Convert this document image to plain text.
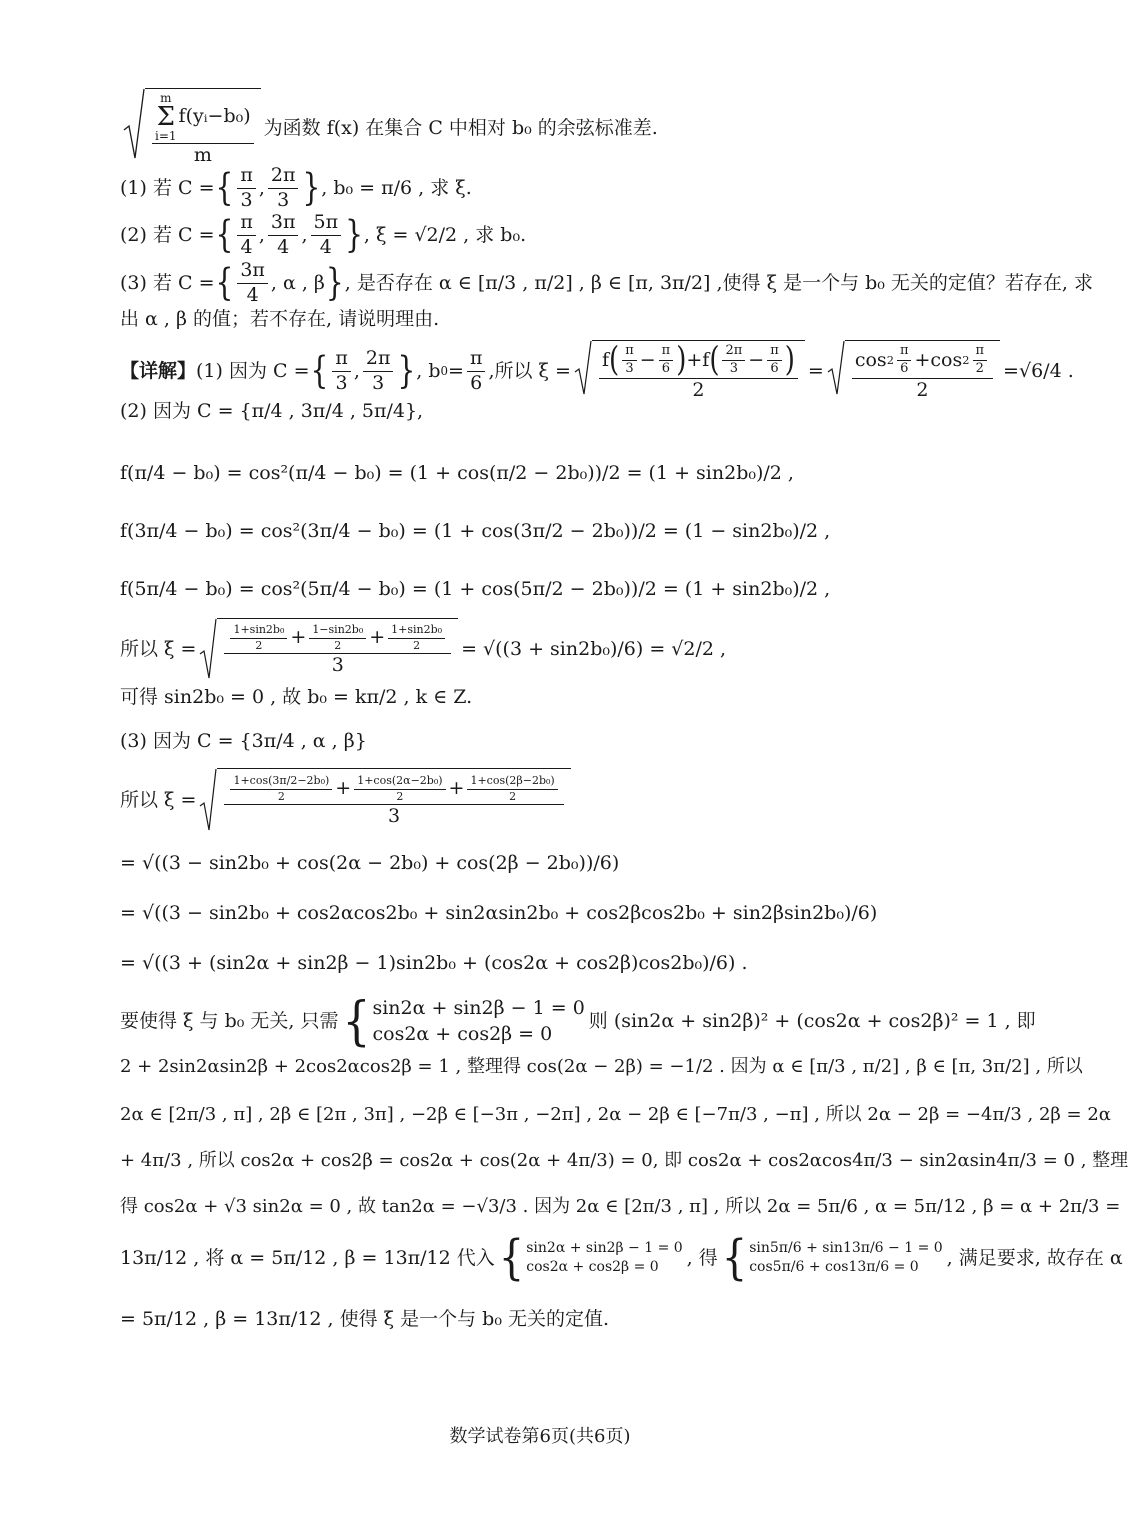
m
Σ
i=1
f(yᵢ−b₀)
m
为函数 f(x) 在集合 C 中相对 b₀ 的余弦标准差.
(1) 若 C = { $\frac{\pi}{3}$ , $\frac{2\pi}{3}$ } , b₀ = π/6 , 求 ξ.
(2) 若 C = { $\frac{\pi}{4}$ , $\frac{3\pi}{4}$ , $\frac{5\pi}{4}$ } , ξ = √2/2 , 求 b₀.
(3) 若 C = { $\frac{3\pi}{4}$ , α , β } , 是否存在 α ∈ [π/3 , π/2] , β ∈ [π, 3π/2] , 使得 ξ 是一个与 b₀ 无关的定值？若存在, 求
出 α , β 的值；若不存在, 请说明理由.
【详解】 (1) 因为 C = { $\frac{\pi}{3}$ , $\frac{2\pi}{3}$ } , b $0 = \frac{\pi}{6}$ , 所以 $\xi = \frac{f ( \frac{\pi}{3} - \frac{\pi}{6} ) +f ( \frac{2\pi}{3} - \frac{\pi}{6} )}{2} = \frac{\cos 2 \frac{\pi}{6} +\cos 2 \frac{\pi}{2}}{2} = √6/4$ .
(2) 因为 C = {π/4 , 3π/4 , 5π/4},
f(π/4 − b₀) = cos²(π/4 − b₀) = (1 + cos(π/2 − 2b₀))/2 = (1 + sin2b₀)/2 ,
f(3π/4 − b₀) = cos²(3π/4 − b₀) = (1 + cos(3π/2 − 2b₀))/2 = (1 − sin2b₀)/2 ,
f(5π/4 − b₀) = cos²(5π/4 − b₀) = (1 + cos(5π/2 − 2b₀))/2 = (1 + sin2b₀)/2 ,
所以 ξ =	$\frac{\frac{\text{1+sin2b₀}}{2} + \frac{\text{1−sin2b₀}}{2} + \frac{\text{1+sin2b₀}}{2}}{3} = √((3 + \sin 2b_0)/6) = √2/2$ ,
可得 sin2b₀ = 0 , 故 b₀ = kπ/2 , k ∈ Z.
(3) 因为 C = {3π/4 , α , β}
所以 ξ =	$\frac{\text{1+cos(3π/2−2b₀)}}{2} + \frac{\text{1+cos(2α−2b₀)}}{2} + \frac{\text{1+cos(2β−2b₀)}}{2}$
3
= √((3 − sin2b₀ + cos(2α − 2b₀) + cos(2β − 2b₀))/6)
= √((3 − sin2b₀ + cos2αcos2b₀ + sin2αsin2b₀ + cos2βcos2b₀ + sin2βsin2b₀)/6)
= √((3 + (sin2α + sin2β − 1)sin2b₀ + (cos2α + cos2β)cos2b₀)/6) .
要使得 ξ 与 b₀ 无关, 只需 { sin2α + sin2β − 1 = 0
cos2α + cos2β = 0
则 (sin2α + sin2β)² + (cos2α + cos2β)² = 1 , 即
2 + 2sin2αsin2β + 2cos2αcos2β = 1 , 整理得 cos(2α − 2β) = −1/2 . 因为 α ∈ [π/3 , π/2] , β ∈ [π, 3π/2] , 所以
2α ∈ [2π/3 , π] , 2β ∈ [2π , 3π] , −2β ∈ [−3π , −2π] , 2α − 2β ∈ [−7π/3 , −π] , 所以 2α − 2β = −4π/3 , 2β = 2α
+ 4π/3 , 所以 cos2α + cos2β = cos2α + cos(2α + 4π/3) = 0, 即 cos2α + cos2αcos4π/3 − sin2αsin4π/3 = 0 , 整理
得 cos2α + √3 sin2α = 0 , 故 tan2α = −√3/3 . 因为 2α ∈ [2π/3 , π] , 所以 2α = 5π/6 , α = 5π/12 , β = α + 2π/3 =
13π/12 , 将 α = 5π/12 , β = 13π/12 代入 { sin2α + sin2β − 1 = 0
cos2α + cos2β = 0	, 得 { sin5π/6 + sin13π/6 − 1 = 0
cos5π/6 + cos13π/6 = 0	, 满足要求, 故存在 α
= 5π/12 , β = 13π/12 , 使得 ξ 是一个与 b₀ 无关的定值.
数学试卷第6页(共6页)
